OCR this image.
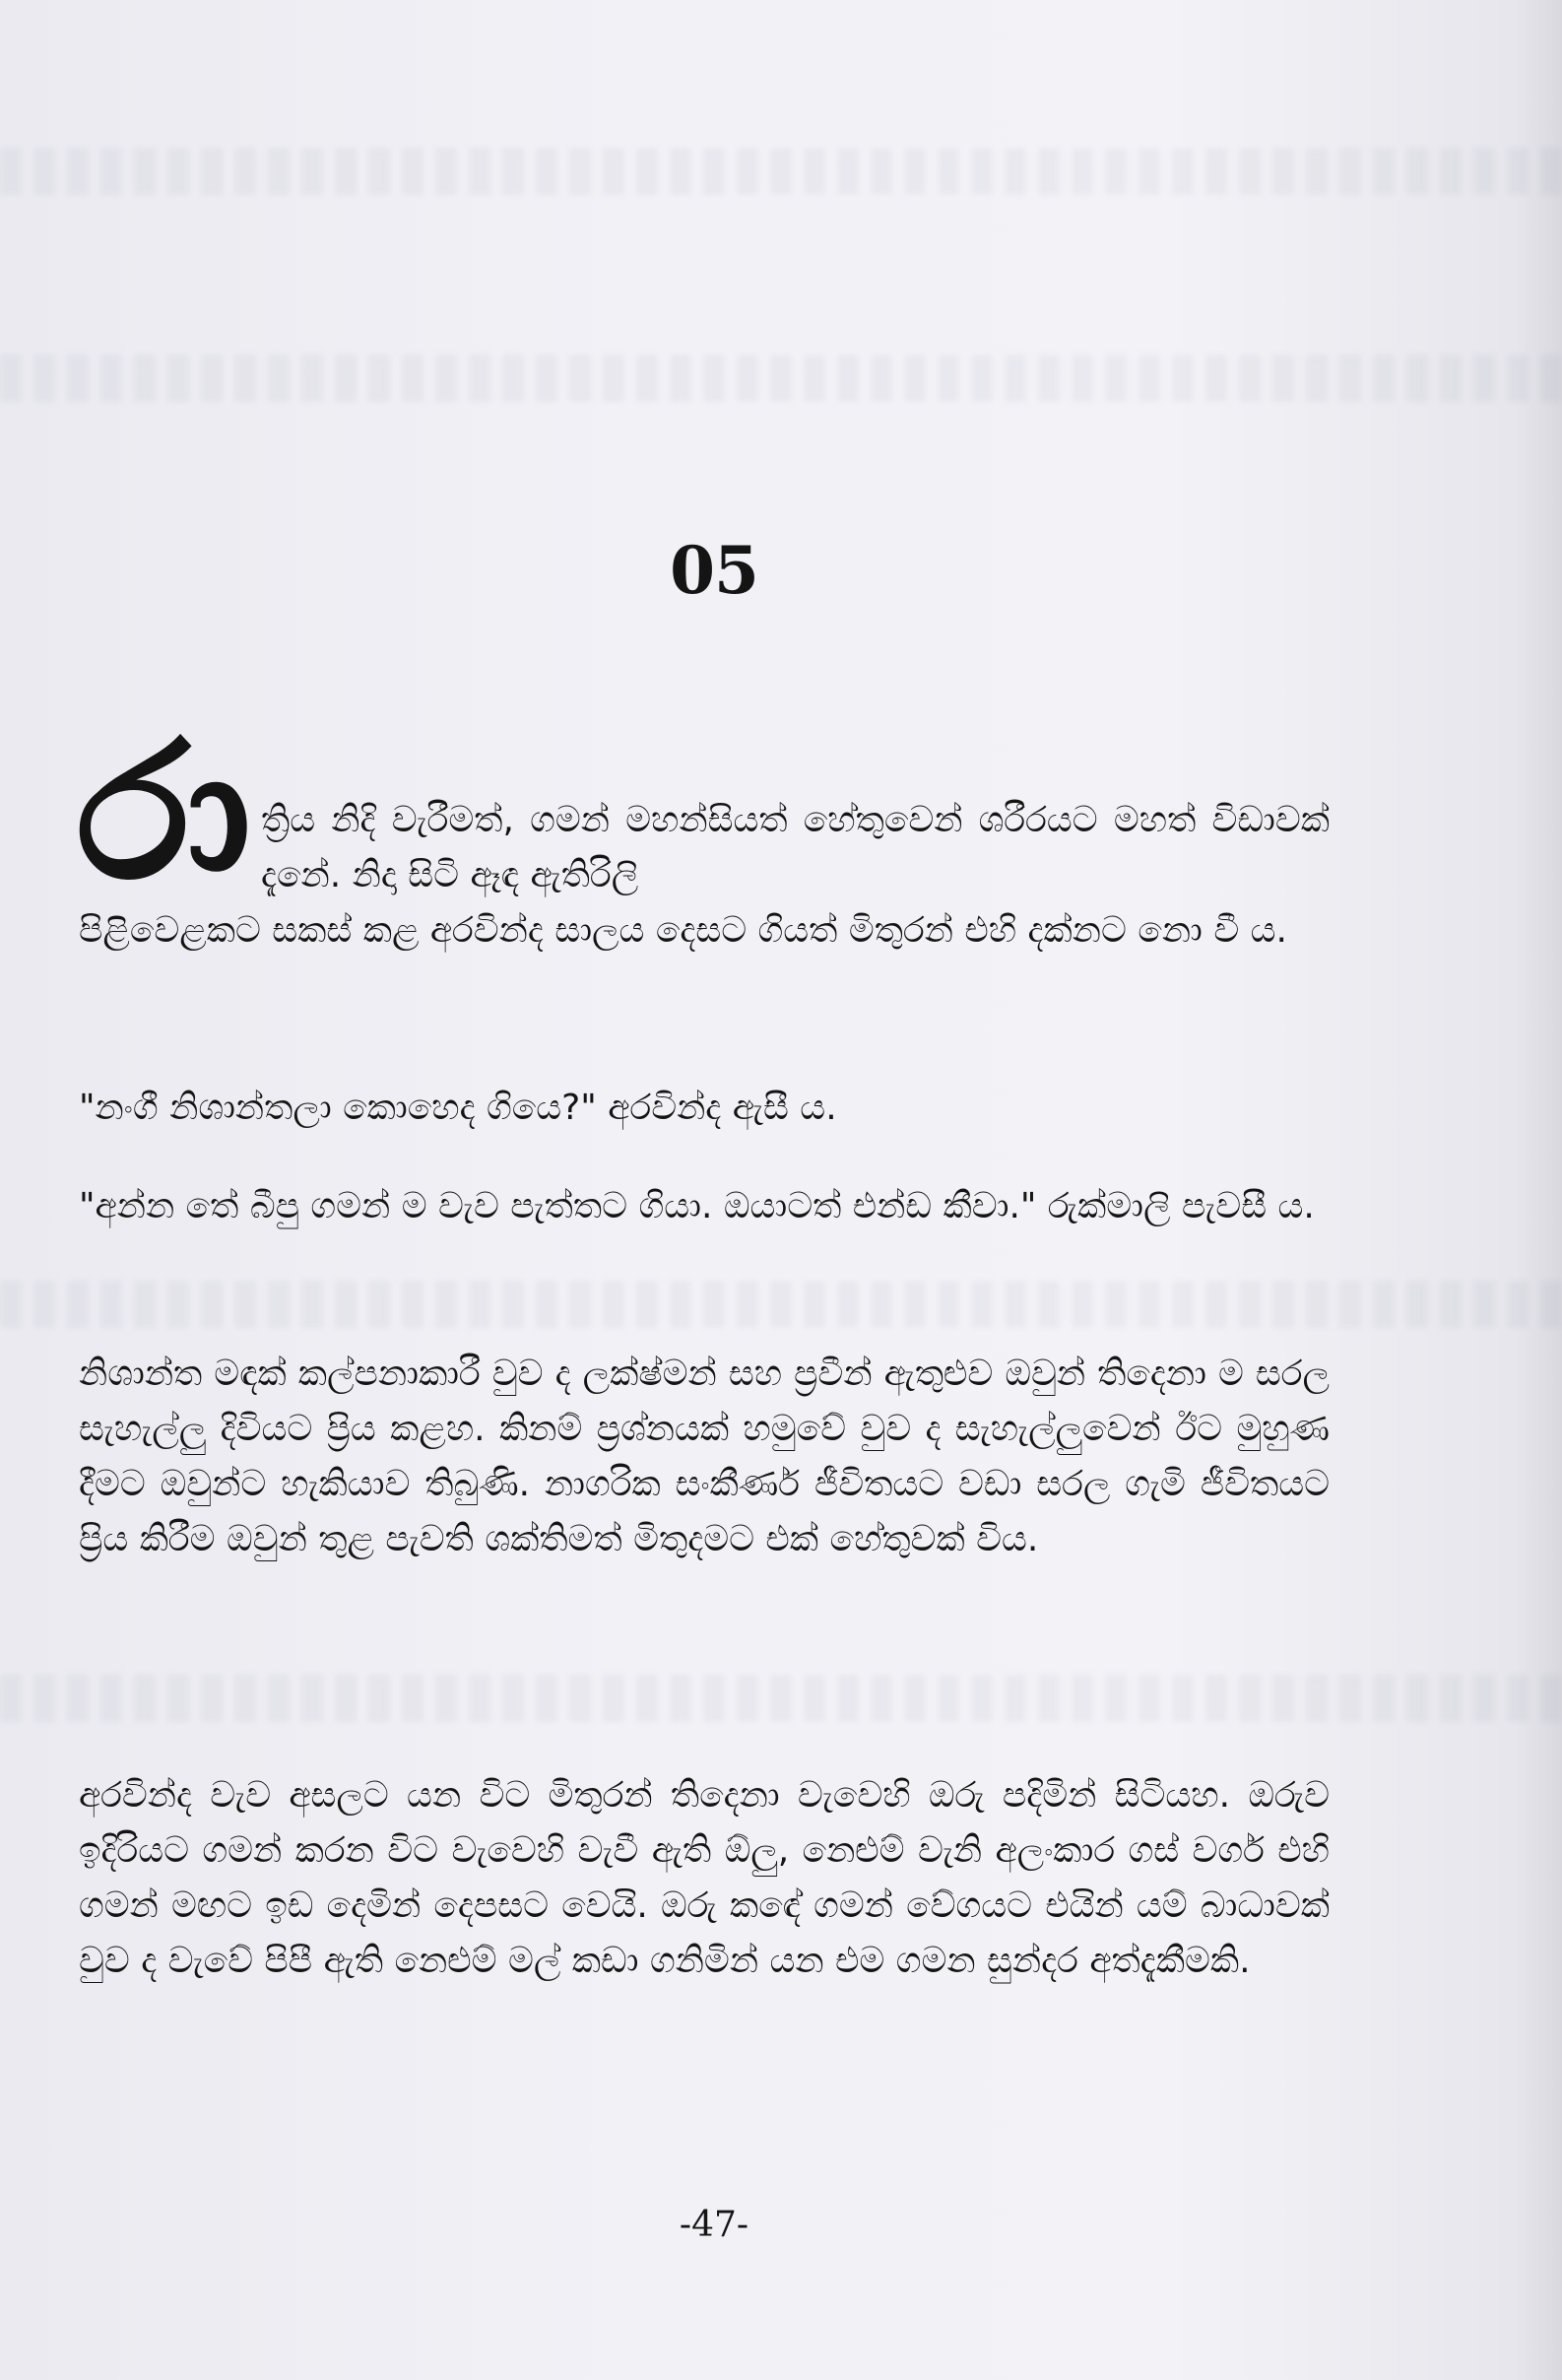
05
රා ත්‍රිය නිදි වැරීමත්, ගමන් මහන්සියත් හේතුවෙන් ශරීරයට මහත් විඩාවක් දැනේ. නිදා සිටි ඈඳ ඇතිරිලි

පිළිවෙළකට සකස් කළ අරවින්ද සාලය දෙසට ගියත් මිතුරන් එහි දක්නට නො වී ය.

"නංගී නිශාන්තලා කොහෙද ගියෙ?" අරවින්ද ඇසී ය.

"අන්න තේ බීපු ගමන් ම වැව පැත්තට ගියා. ඔයාටත් එන්ඩ කීවා." රුක්මාලි පැවසී ය.

නිශාන්ත මඳක් කල්පනාකාරී වුව ද ලක්ෂ්මන් සහ ප්‍රවීන් ඇතුළුව ඔවුන් තිදෙනා ම සරල සැහැල්ලු දිවියට ප්‍රිය කළහ. කිනම් ප්‍රශ්නයක් හමුවේ වුව ද සැහැල්ලුවෙන් ඊට මුහුණ දීමට ඔවුන්ට හැකියාව තිබුණි. නාගරික සංකීර්ණ ජීවිතයට වඩා සරල ගැමි ජීවිතයට ප්‍රිය කිරීම ඔවුන් තුළ පැවති ශක්තිමත් මිතුදමට එක් හේතුවක් විය.

අරවින්ද වැව අසලට යන විට මිතුරන් තිදෙනා වැවෙහි ඔරු පදිමින් සිටියහ. ඔරුව ඉදිරියට ගමන් කරන විට වැවෙහි වැවී ඇති ඕලු, නෙළුම් වැනි අලංකාර ගස් වර්ග එහි ගමන් මඟට ඉඩ දෙමින් දෙපසට වෙයි. ඔරු කඳේ ගමන් වේගයට එයින් යම් බාධාවක් වුව ද වැවේ පිපී ඇති නෙළුම් මල් කඩා ගනිමින් යන එම ගමන සුන්දර අත්දැකීමකි.

-47-
